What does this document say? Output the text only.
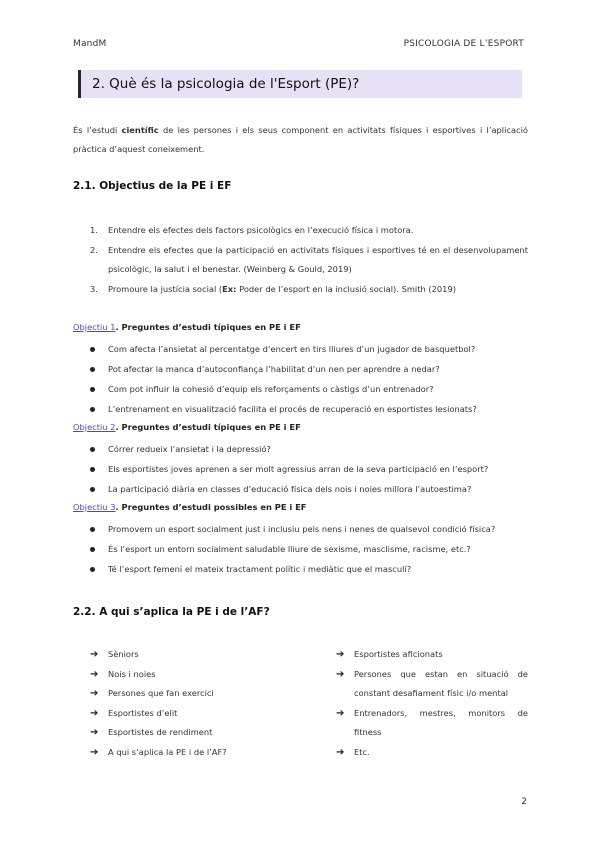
MandM	PSICOLOGIA DE L’ESPORT
2. Què és la psicologia de l'Esport (PE)?
És l’estudi científic de les persones i els seus component en activitats físiques i esportives i l’aplicació pràctica d’aquest coneixement.
2.1. Objectius de la PE i EF
1. Entendre els efectes dels factors psicològics en l’execució física i motora.
2. Entendre els efectes que la participació en activitats físiques i esportives té en el desenvolupament psicològic, la salut i el benestar. (Weinberg & Gould, 2019)
3. Promoure la justícia social (Ex: Poder de l’esport en la inclusió social). Smith (2019)
Objectiu 1. Preguntes d’estudi típiques en PE i EF
Com afecta l’ansietat al percentatge d’encert en tirs lliures d’un jugador de basquetbol?
Pot afectar la manca d’autoconfiança l’habilitat d’un nen per aprendre a nedar?
Com pot influir la cohesió d’equip els reforçaments o càstigs d’un entrenador?
L’entrenament en visualització facilita el procés de recuperació en esportistes lesionats?
Objectiu 2. Preguntes d’estudi típiques en PE i EF
Córrer redueix l’ansietat i la depressió?
Els esportistes joves aprenen a ser molt agressius arran de la seva participació en l’esport?
La participació diària en classes d’educació física dels nois i noies millora l’autoestima?
Objectiu 3. Preguntes d’estudi possibles en PE i EF
Promovem un esport socialment just i inclusiu pels nens i nenes de qualsevol condició física?
És l’esport un entorn socialment saludable lliure de sexisme, masclisme, racisme, etc.?
Té l’esport femení el mateix tractament polític i mediàtic que el masculí?
2.2. A qui s’aplica la PE i de l’AF?
➔ Sèniors
➔ Nois i noies
➔ Persones que fan exercici
➔ Esportistes d’elit
➔ Esportistes de rendiment
➔ A qui s’aplica la PE i de l’AF?
➔ Esportistes aficionats
➔ Persones que estan en situació de constant desafiament físic i/o mental
➔ Entrenadors, mestres, monitors de fitness
➔ Etc.
2
